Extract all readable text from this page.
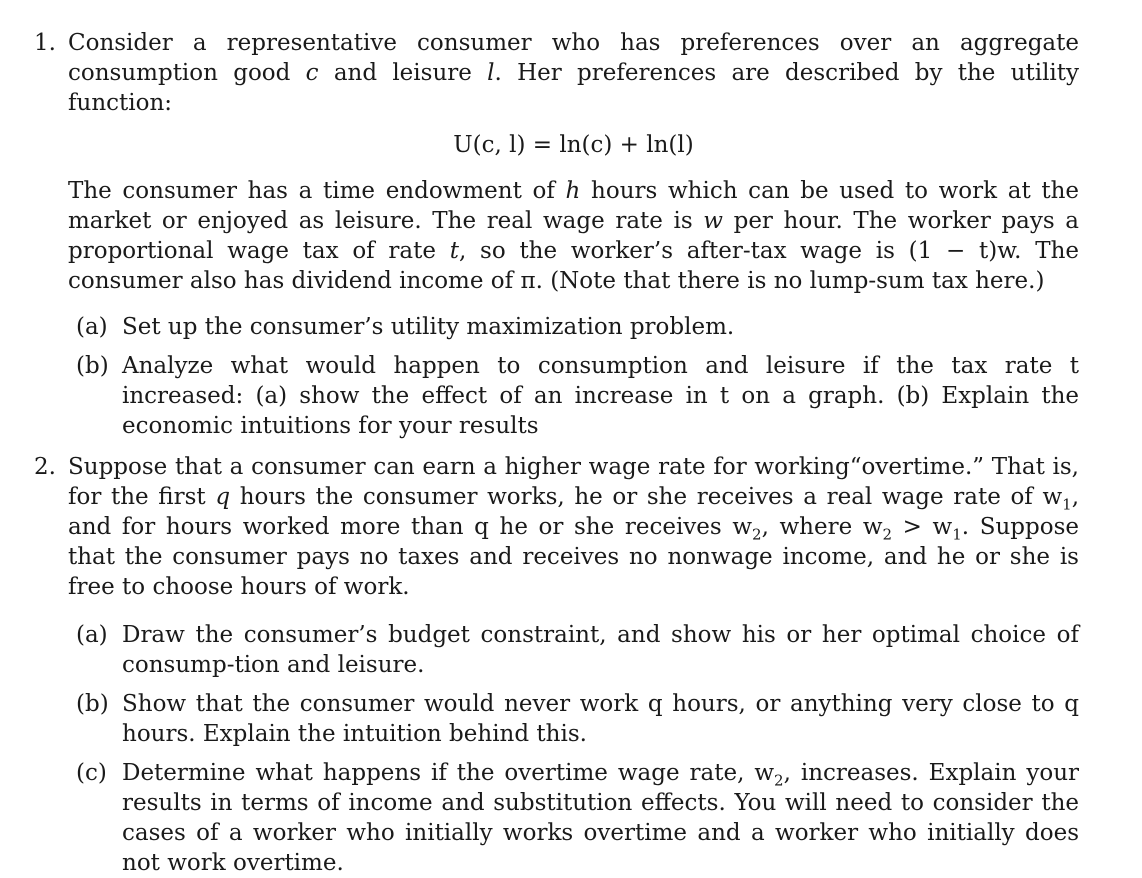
1. Consider a representative consumer who has preferences over an aggregate consumption good c and leisure l. Her preferences are described by the utility function:
U(c, l) = ln(c) + ln(l)
The consumer has a time endowment of h hours which can be used to work at the market or enjoyed as leisure. The real wage rate is w per hour. The worker pays a proportional wage tax of rate t, so the worker’s after-tax wage is (1 − t)w. The consumer also has dividend income of π. (Note that there is no lump-sum tax here.)
(a) Set up the consumer’s utility maximization problem.
(b) Analyze what would happen to consumption and leisure if the tax rate t increased: (a) show the effect of an increase in t on a graph. (b) Explain the economic intuitions for your results
2. Suppose that a consumer can earn a higher wage rate for working“overtime.” That is, for the first q hours the consumer works, he or she receives a real wage rate of $w_1$, and for hours worked more than q he or she receives $w_2$, where $w_2 > w_1$. Suppose that the consumer pays no taxes and receives no nonwage income, and he or she is free to choose hours of work.
(a) Draw the consumer’s budget constraint, and show his or her optimal choice of consump-tion and leisure.
(b) Show that the consumer would never work q hours, or anything very close to q hours. Explain the intuition behind this.
(c) Determine what happens if the overtime wage rate, $w_2$, increases. Explain your results in terms of income and substitution effects. You will need to consider the cases of a worker who initially works overtime and a worker who initially does not work overtime.
